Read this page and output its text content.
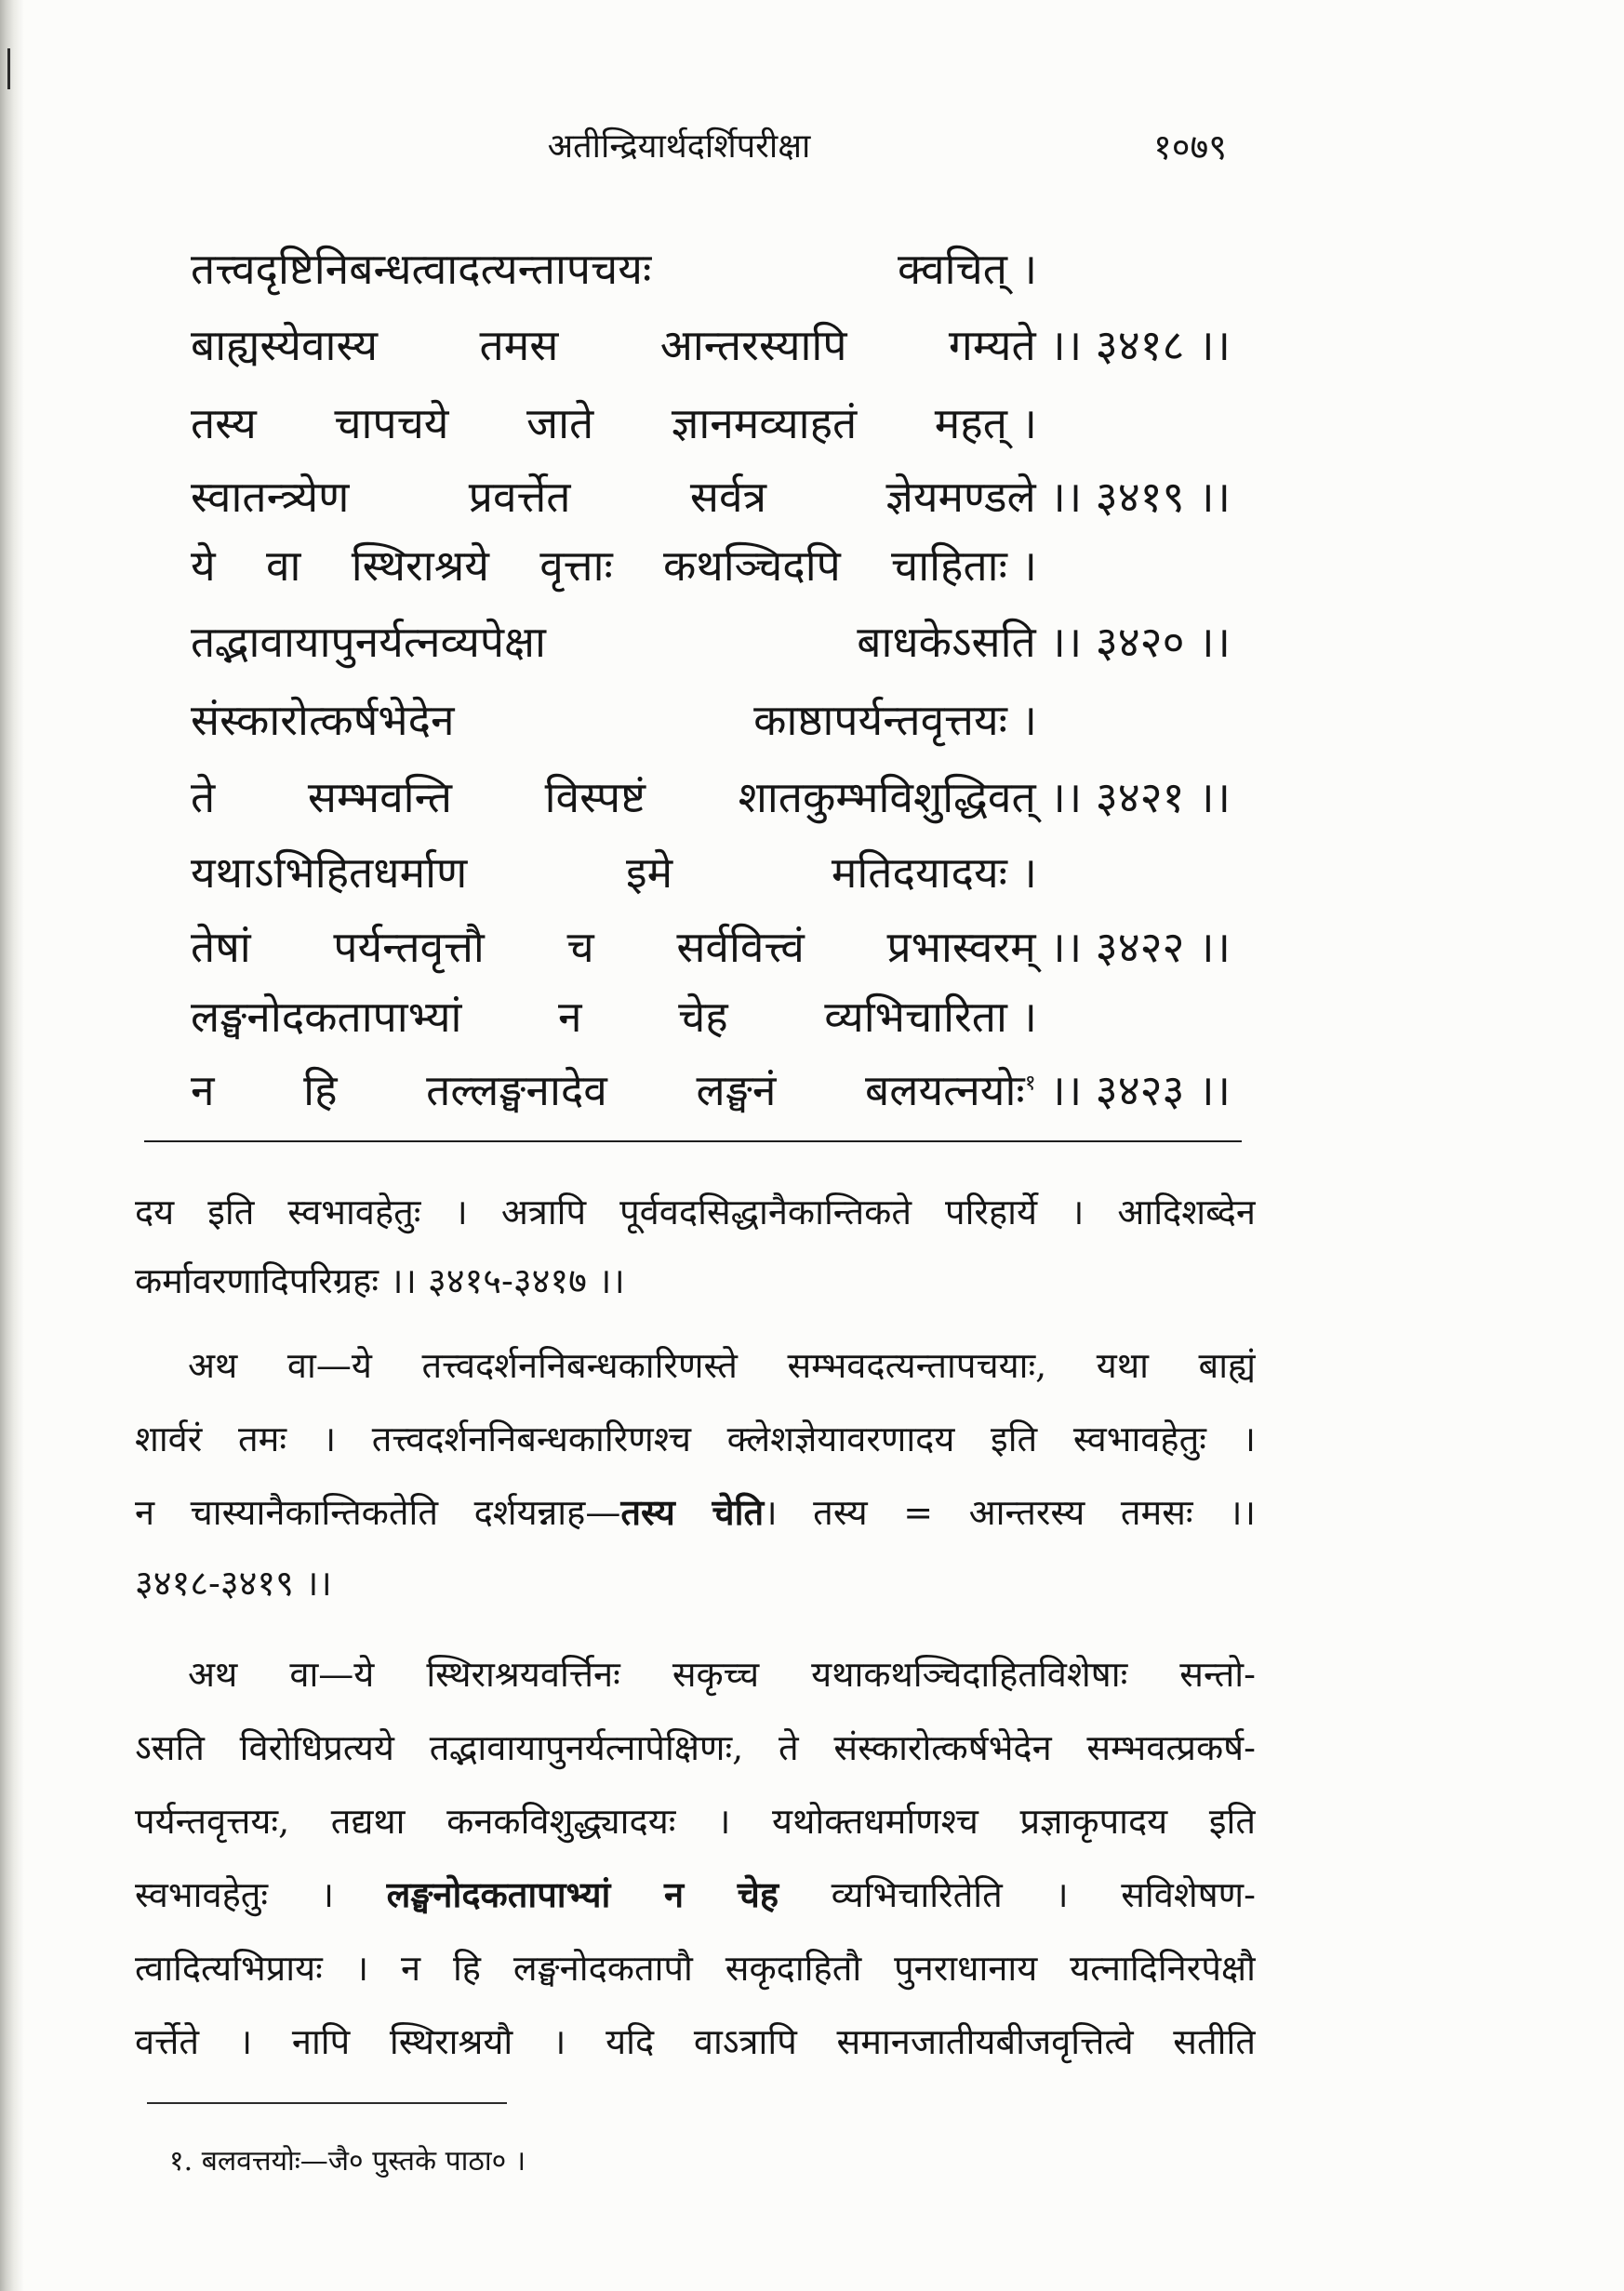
अतीन्द्रियार्थदर्शिपरीक्षा	१०७९
तत्त्वदृष्टिनिबन्धत्वादत्यन्तापचयः	क्वचित् ।
बाह्यस्येवास्य तमस आन्तरस्यापि गम्यते ।। ३४१८ ।।
तस्य चापचये जाते ज्ञानमव्याहतं महत् ।
स्वातन्त्र्येण	प्रवर्त्तेत	सर्वत्र	ज्ञेयमण्डले ।। ३४१९ ।।
ये वा स्थिराश्रये वृत्ताः कथञ्चिदपि चाहिताः ।
तद्भावायापुनर्यत्नव्यपेक्षा	बाधकेऽसति ।। ३४२० ।।
संस्कारोत्कर्षभेदेन	काष्ठापर्यन्तवृत्तयः ।
ते सम्भवन्ति विस्पष्टं शातकुम्भविशुद्धिवत् ।। ३४२१ ।।
यथाऽभिहितधर्माण	इमे	मतिदयादयः ।
तेषां पर्यन्तवृत्तौ च सर्ववित्त्वं प्रभास्वरम् ।। ३४२२ ।।
लङ्घनोदकतापाभ्यां न चेह व्यभिचारिता ।
न हि तल्लङ्घनादेव लङ्घनं बलयत्नयोः$^१$ ।। ३४२३ ।।
दय इति स्वभावहेतुः । अत्रापि पूर्ववदसिद्धानैकान्तिकते परिहार्ये । आदिशब्देन
कर्मावरणादिपरिग्रहः ।। ३४१५-३४१७ ।।
अथ वा—ये तत्त्वदर्शननिबन्धकारिणस्ते सम्भवदत्यन्तापचयाः, यथा बाह्यं
शार्वरं तमः । तत्त्वदर्शननिबन्धकारिणश्च क्लेशज्ञेयावरणादय इति स्वभावहेतुः ।
न चास्यानैकान्तिकतेति दर्शयन्नाह—तस्य चेति। तस्य = आन्तरस्य तमसः ।।
३४१८-३४१९ ।।
अथ वा—ये स्थिराश्रयवर्त्तिनः सकृच्च यथाकथञ्चिदाहितविशेषाः सन्तो-
ऽसति विरोधिप्रत्यये तद्भावायापुनर्यत्नापेक्षिणः, ते संस्कारोत्कर्षभेदेन सम्भवत्प्रकर्ष-
पर्यन्तवृत्तयः, तद्यथा कनकविशुद्ध्यादयः । यथोक्तधर्माणश्च प्रज्ञाकृपादय इति
स्वभावहेतुः । लङ्घनोदकतापाभ्यां न चेह व्यभिचारितेति । सविशेषण-
त्वादित्यभिप्रायः । न हि लङ्घनोदकतापौ सकृदाहितौ पुनराधानाय यत्नादिनिरपेक्षौ
वर्त्तेते । नापि स्थिराश्रयौ । यदि वाऽत्रापि समानजातीयबीजवृत्तित्वे सतीति
१. बलवत्तयोः—जै० पुस्तके पाठा० ।
